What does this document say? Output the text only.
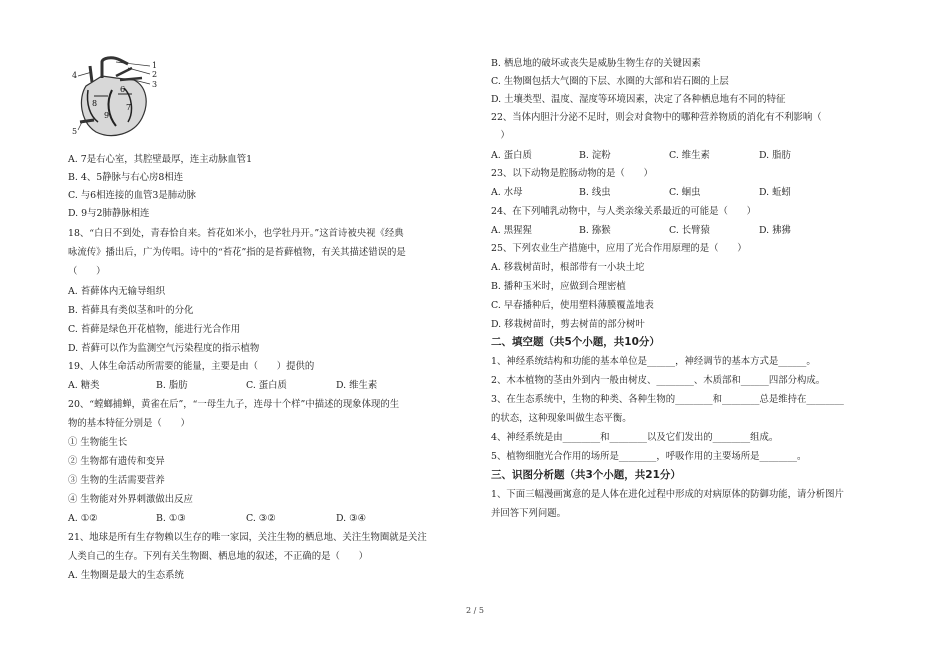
1
2
3
4
5
6
7
8
9
A. 7是右心室，其腔壁最厚，连主动脉血管1
B. 4、5静脉与右心房8相连
C. 与6相连接的血管3是肺动脉
D. 9与2肺静脉相连
18、“白日不到处，青春恰自来。苔花如米小，也学牡丹开。”这首诗被央视《经典
咏流传》播出后，广为传唱。诗中的“苔花”指的是苔藓植物，有关其描述错误的是
（　　）
A. 苔藓体内无输导组织
B. 苔藓具有类似茎和叶的分化
C. 苔藓是绿色开花植物，能进行光合作用
D. 苔藓可以作为监测空气污染程度的指示植物
19、人体生命活动所需要的能量，主要是由（　　）提供的
A. 糖类	B. 脂肪	C. 蛋白质	D. 维生素
20、“螳螂捕蝉，黄雀在后”，“一母生九子，连母十个样”中描述的现象体现的生
物的基本特征分别是（　　）
① 生物能生长
② 生物都有遗传和变异
③ 生物的生活需要营养
④ 生物能对外界刺激做出反应
A. ①②	B. ①③	C. ③②	D. ③④
21、地球是所有生存物赖以生存的唯一家园，关注生物的栖息地、关注生物圈就是关注
人类自己的生存。下列有关生物圈、栖息地的叙述，不正确的是（　　）
A. 生物圈是最大的生态系统
B. 栖息地的破坏或丧失是威胁生物生存的关键因素
C. 生物圈包括大气圈的下层、水圈的大部和岩石圈的上层
D. 土壤类型、温度、湿度等环境因素，决定了各种栖息地有不同的特征
22、当体内胆汁分泌不足时，则会对食物中的哪种营养物质的消化有不利影响（
　）
A. 蛋白质	B. 淀粉	C. 维生素	D. 脂肪
23、以下动物是腔肠动物的是（　　）
A. 水母	B. 线虫	C. 蛔虫	D. 蚯蚓
24、在下列哺乳动物中，与人类亲缘关系最近的可能是（　　）
A. 黑猩猩	B. 猕猴	C. 长臂猿	D. 狒狒
25、下列农业生产措施中，应用了光合作用原理的是（　　）
A. 移栽树苗时，根部带有一小块土坨
B. 播种玉米时，应做到合理密植
C. 早春播种后，使用塑料薄膜覆盖地表
D. 移栽树苗时，剪去树苗的部分树叶
二、填空题（共5个小题，共10分）
1、神经系统结构和功能的基本单位是______，神经调节的基本方式是______。
2、木本植物的茎由外到内一般由树皮、________、木质部和______四部分构成。
3、在生态系统中，生物的种类、各种生物的________和________总是维持在________
的状态，这种现象叫做生态平衡。
4、神经系统是由________和________以及它们发出的________组成。
5、植物细胞光合作用的场所是________，呼吸作用的主要场所是________。
三、识图分析题（共3个小题，共21分）
1、下面三幅漫画寓意的是人体在进化过程中形成的对病原体的防御功能，请分析图片
并回答下列问题。
2 / 5
